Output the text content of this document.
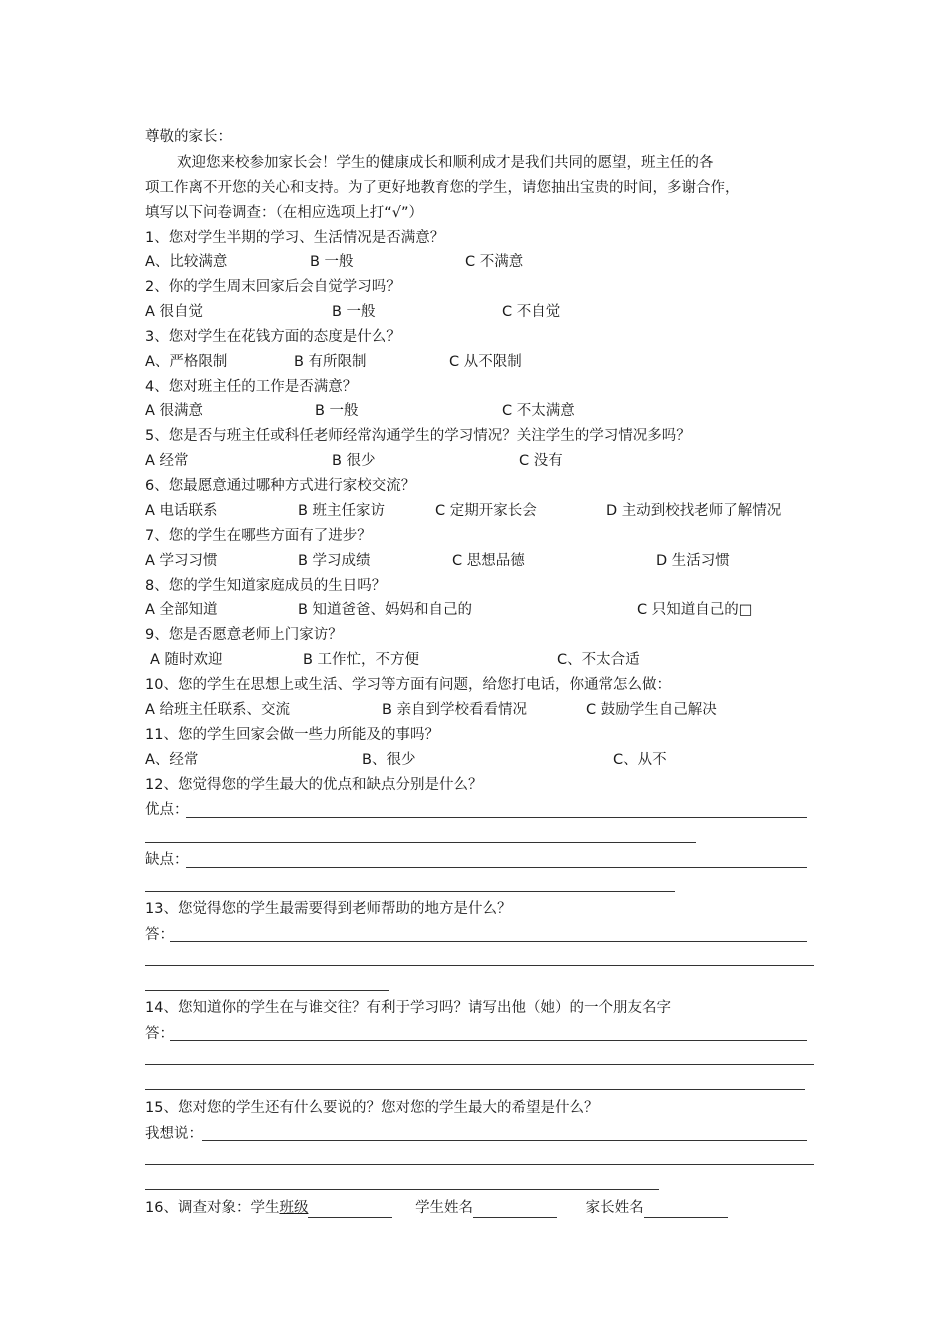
尊敬的家长：
欢迎您来校参加家长会！学生的健康成长和顺利成才是我们共同的愿望，班主任的各
项工作离不开您的关心和支持。为了更好地教育您的学生，请您抽出宝贵的时间，多谢合作，
填写以下问卷调查：（在相应选项上打“√”）
1、您对学生半期的学习、生活情况是否满意？
A、比较满意	B 一般	C 不满意
2、你的学生周末回家后会自觉学习吗？
A 很自觉	B 一般	C 不自觉
3、您对学生在花钱方面的态度是什么？
A、严格限制	B 有所限制	C 从不限制
4、您对班主任的工作是否满意？
A 很满意	B 一般	C 不太满意
5、您是否与班主任或科任老师经常沟通学生的学习情况？关注学生的学习情况多吗？
A 经常	B 很少	C 没有
6、您最愿意通过哪种方式进行家校交流？
A 电话联系	B 班主任家访	C 定期开家长会	D 主动到校找老师了解情况
7、您的学生在哪些方面有了进步？
A 学习习惯	B 学习成绩	C 思想品德	D 生活习惯
8、您的学生知道家庭成员的生日吗？
A 全部知道	B 知道爸爸、妈妈和自己的	C 只知道自己的□
9、您是否愿意老师上门家访？
A 随时欢迎	B 工作忙，不方便	C、不太合适
10、您的学生在思想上或生活、学习等方面有问题，给您打电话，你通常怎么做：
A 给班主任联系、交流	B 亲自到学校看看情况	C 鼓励学生自己解决
11、您的学生回家会做一些力所能及的事吗？
A、经常	B、很少	C、从不
12、您觉得您的学生最大的优点和缺点分别是什么？
优点：
缺点：
13、您觉得您的学生最需要得到老师帮助的地方是什么？
答：
14、您知道你的学生在与谁交往？有利于学习吗？请写出他（她）的一个朋友名字
答：
15、您对您的学生还有什么要说的？您对您的学生最大的希望是什么？
我想说：
16、调查对象：学生班级	学生姓名	家长姓名
